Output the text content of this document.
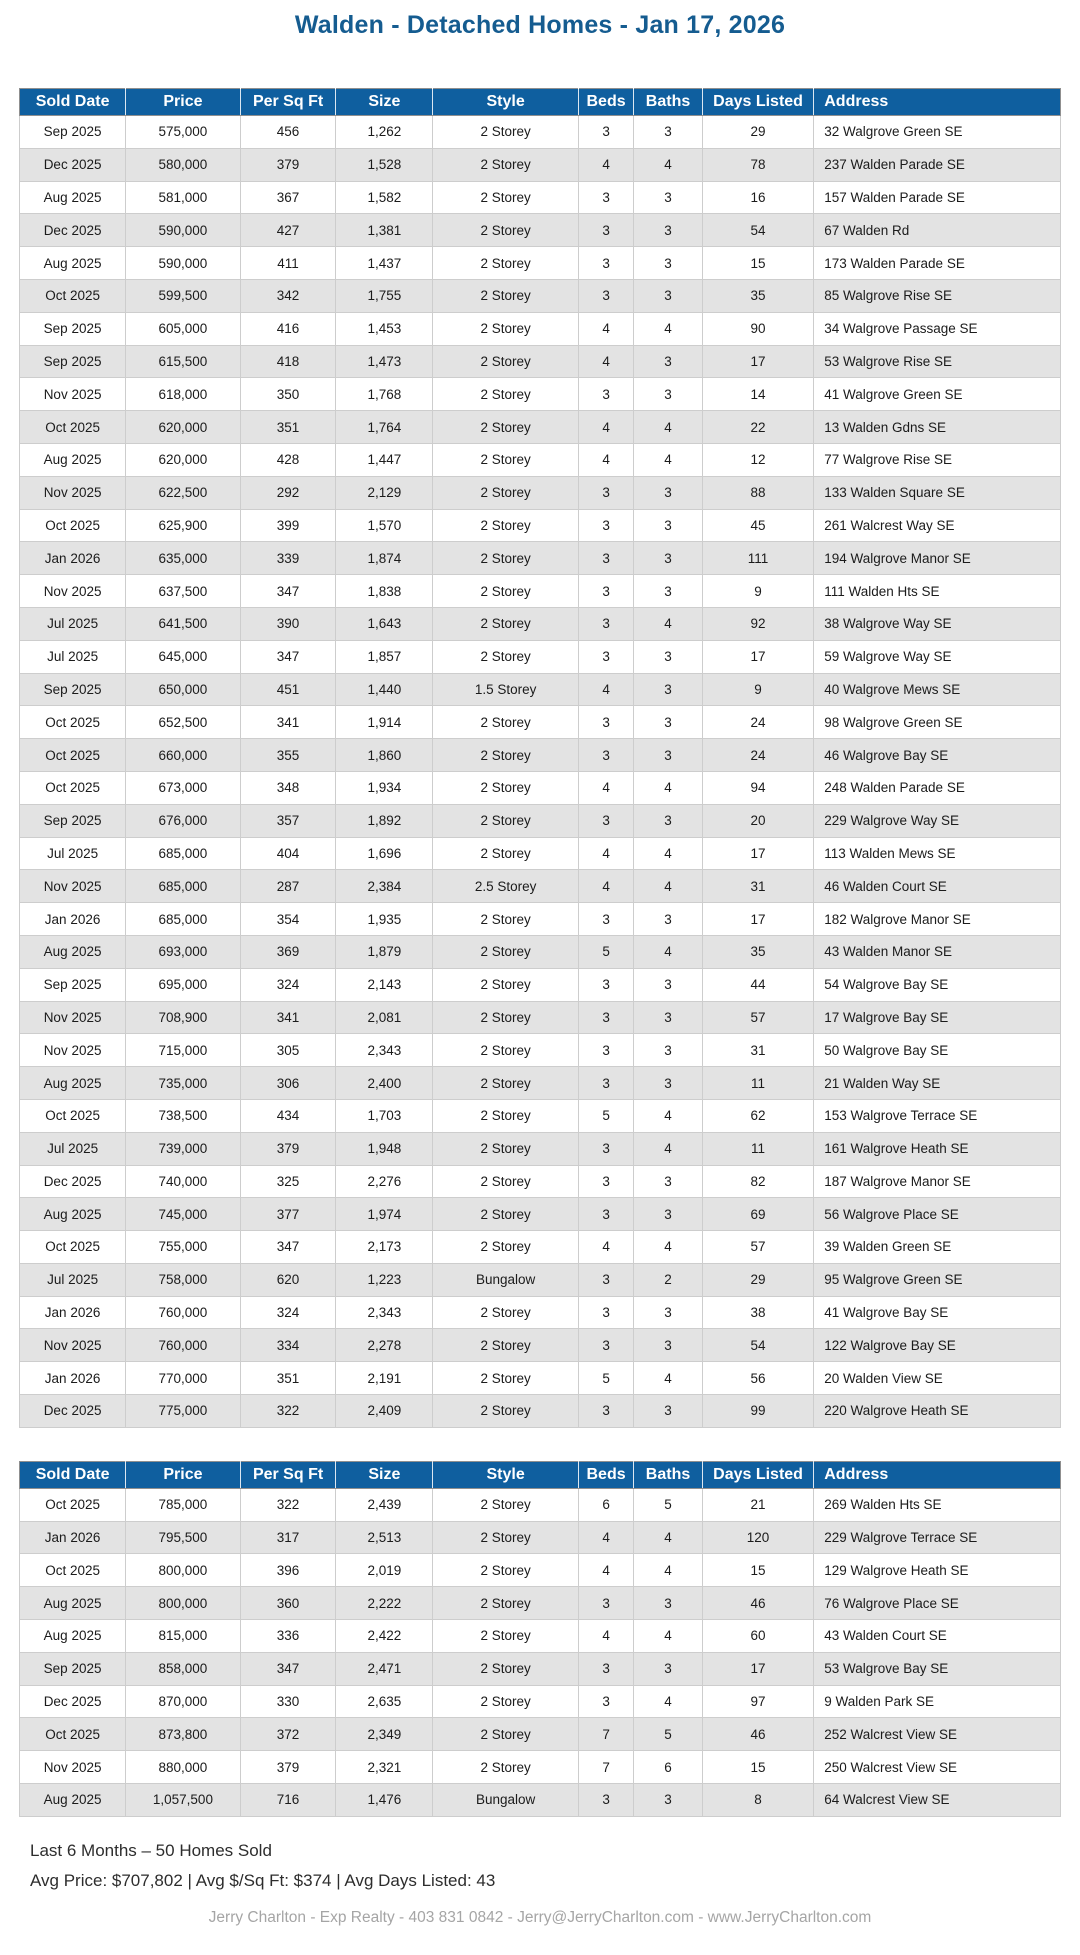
Walden - Detached Homes - Jan 17, 2026
Sold Date	Price	Per Sq Ft	Size	Style	Beds	Baths	Days Listed	Address
Sep 2025	575,000	456	1,262	2 Storey	3	3	29	32 Walgrove Green SE
Dec 2025	580,000	379	1,528	2 Storey	4	4	78	237 Walden Parade SE
Aug 2025	581,000	367	1,582	2 Storey	3	3	16	157 Walden Parade SE
Dec 2025	590,000	427	1,381	2 Storey	3	3	54	67 Walden Rd
Aug 2025	590,000	411	1,437	2 Storey	3	3	15	173 Walden Parade SE
Oct 2025	599,500	342	1,755	2 Storey	3	3	35	85 Walgrove Rise SE
Sep 2025	605,000	416	1,453	2 Storey	4	4	90	34 Walgrove Passage SE
Sep 2025	615,500	418	1,473	2 Storey	4	3	17	53 Walgrove Rise SE
Nov 2025	618,000	350	1,768	2 Storey	3	3	14	41 Walgrove Green SE
Oct 2025	620,000	351	1,764	2 Storey	4	4	22	13 Walden Gdns SE
Aug 2025	620,000	428	1,447	2 Storey	4	4	12	77 Walgrove Rise SE
Nov 2025	622,500	292	2,129	2 Storey	3	3	88	133 Walden Square SE
Oct 2025	625,900	399	1,570	2 Storey	3	3	45	261 Walcrest Way SE
Jan 2026	635,000	339	1,874	2 Storey	3	3	111	194 Walgrove Manor SE
Nov 2025	637,500	347	1,838	2 Storey	3	3	9	111 Walden Hts SE
Jul 2025	641,500	390	1,643	2 Storey	3	4	92	38 Walgrove Way SE
Jul 2025	645,000	347	1,857	2 Storey	3	3	17	59 Walgrove Way SE
Sep 2025	650,000	451	1,440	1.5 Storey	4	3	9	40 Walgrove Mews SE
Oct 2025	652,500	341	1,914	2 Storey	3	3	24	98 Walgrove Green SE
Oct 2025	660,000	355	1,860	2 Storey	3	3	24	46 Walgrove Bay SE
Oct 2025	673,000	348	1,934	2 Storey	4	4	94	248 Walden Parade SE
Sep 2025	676,000	357	1,892	2 Storey	3	3	20	229 Walgrove Way SE
Jul 2025	685,000	404	1,696	2 Storey	4	4	17	113 Walden Mews SE
Nov 2025	685,000	287	2,384	2.5 Storey	4	4	31	46 Walden Court SE
Jan 2026	685,000	354	1,935	2 Storey	3	3	17	182 Walgrove Manor SE
Aug 2025	693,000	369	1,879	2 Storey	5	4	35	43 Walden Manor SE
Sep 2025	695,000	324	2,143	2 Storey	3	3	44	54 Walgrove Bay SE
Nov 2025	708,900	341	2,081	2 Storey	3	3	57	17 Walgrove Bay SE
Nov 2025	715,000	305	2,343	2 Storey	3	3	31	50 Walgrove Bay SE
Aug 2025	735,000	306	2,400	2 Storey	3	3	11	21 Walden Way SE
Oct 2025	738,500	434	1,703	2 Storey	5	4	62	153 Walgrove Terrace SE
Jul 2025	739,000	379	1,948	2 Storey	3	4	11	161 Walgrove Heath SE
Dec 2025	740,000	325	2,276	2 Storey	3	3	82	187 Walgrove Manor SE
Aug 2025	745,000	377	1,974	2 Storey	3	3	69	56 Walgrove Place SE
Oct 2025	755,000	347	2,173	2 Storey	4	4	57	39 Walden Green SE
Jul 2025	758,000	620	1,223	Bungalow	3	2	29	95 Walgrove Green SE
Jan 2026	760,000	324	2,343	2 Storey	3	3	38	41 Walgrove Bay SE
Nov 2025	760,000	334	2,278	2 Storey	3	3	54	122 Walgrove Bay SE
Jan 2026	770,000	351	2,191	2 Storey	5	4	56	20 Walden View SE
Dec 2025	775,000	322	2,409	2 Storey	3	3	99	220 Walgrove Heath SE
Sold Date	Price	Per Sq Ft	Size	Style	Beds	Baths	Days Listed	Address
Oct 2025	785,000	322	2,439	2 Storey	6	5	21	269 Walden Hts SE
Jan 2026	795,500	317	2,513	2 Storey	4	4	120	229 Walgrove Terrace SE
Oct 2025	800,000	396	2,019	2 Storey	4	4	15	129 Walgrove Heath SE
Aug 2025	800,000	360	2,222	2 Storey	3	3	46	76 Walgrove Place SE
Aug 2025	815,000	336	2,422	2 Storey	4	4	60	43 Walden Court SE
Sep 2025	858,000	347	2,471	2 Storey	3	3	17	53 Walgrove Bay SE
Dec 2025	870,000	330	2,635	2 Storey	3	4	97	9 Walden Park SE
Oct 2025	873,800	372	2,349	2 Storey	7	5	46	252 Walcrest View SE
Nov 2025	880,000	379	2,321	2 Storey	7	6	15	250 Walcrest View SE
Aug 2025	1,057,500	716	1,476	Bungalow	3	3	8	64 Walcrest View SE

Last 6 Months – 50 Homes Sold

Avg Price: $707,802 | Avg $/Sq Ft: $374 | Avg Days Listed: 43

Jerry Charlton - Exp Realty - 403 831 0842 - Jerry@JerryCharlton.com - www.JerryCharlton.com
